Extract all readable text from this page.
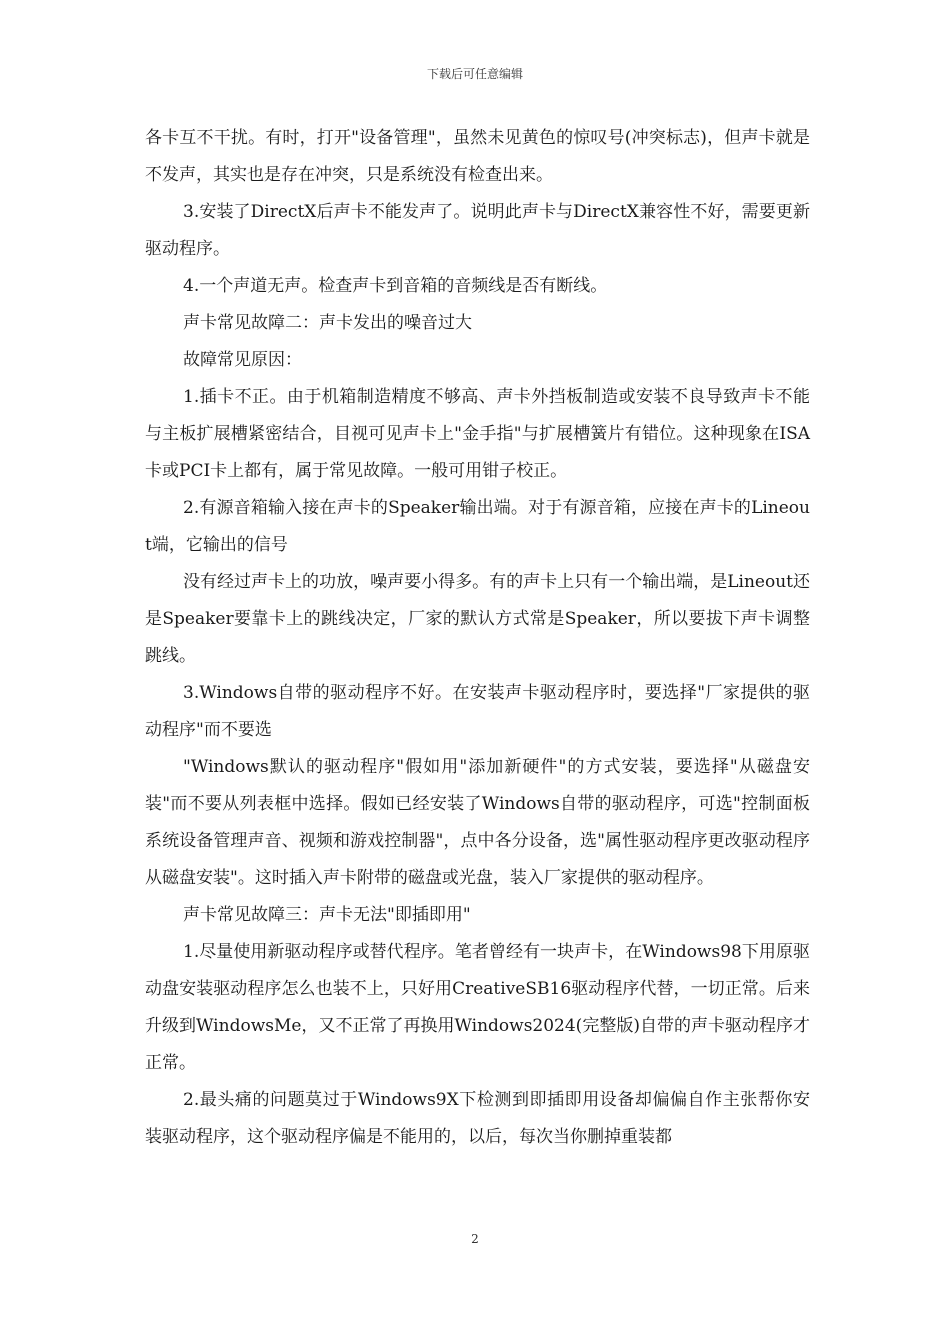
下载后可任意编辑

各卡互不干扰。有时，打开"设备管理"，虽然未见黄色的惊叹号(冲突标志)，但声卡就是不发声，其实也是存在冲突，只是系统没有检查出来。

3.安装了DirectX后声卡不能发声了。说明此声卡与DirectX兼容性不好，需要更新驱动程序。

4.一个声道无声。检查声卡到音箱的音频线是否有断线。

声卡常见故障二：声卡发出的噪音过大

故障常见原因：

1.插卡不正。由于机箱制造精度不够高、声卡外挡板制造或安装不良导致声卡不能与主板扩展槽紧密结合，目视可见声卡上"金手指"与扩展槽簧片有错位。这种现象在ISA卡或PCI卡上都有，属于常见故障。一般可用钳子校正。

2.有源音箱输入接在声卡的Speaker输出端。对于有源音箱，应接在声卡的Lineout端，它输出的信号

没有经过声卡上的功放，噪声要小得多。有的声卡上只有一个输出端，是Lineout还是Speaker要靠卡上的跳线决定，厂家的默认方式常是Speaker，所以要拔下声卡调整跳线。

3.Windows自带的驱动程序不好。在安装声卡驱动程序时，要选择"厂家提供的驱动程序"而不要选

"Windows默认的驱动程序"假如用"添加新硬件"的方式安装，要选择"从磁盘安装"而不要从列表框中选择。假如已经安装了Windows自带的驱动程序，可选"控制面板系统设备管理声音、视频和游戏控制器"，点中各分设备，选"属性驱动程序更改驱动程序从磁盘安装"。这时插入声卡附带的磁盘或光盘，装入厂家提供的驱动程序。

声卡常见故障三：声卡无法"即插即用"

1.尽量使用新驱动程序或替代程序。笔者曾经有一块声卡，在Windows98下用原驱动盘安装驱动程序怎么也装不上，只好用CreativeSB16驱动程序代替，一切正常。后来升级到WindowsMe，又不正常了再换用Windows2024(完整版)自带的声卡驱动程序才正常。

2.最头痛的问题莫过于Windows9X下检测到即插即用设备却偏偏自作主张帮你安装驱动程序，这个驱动程序偏是不能用的，以后，每次当你删掉重装都

2
